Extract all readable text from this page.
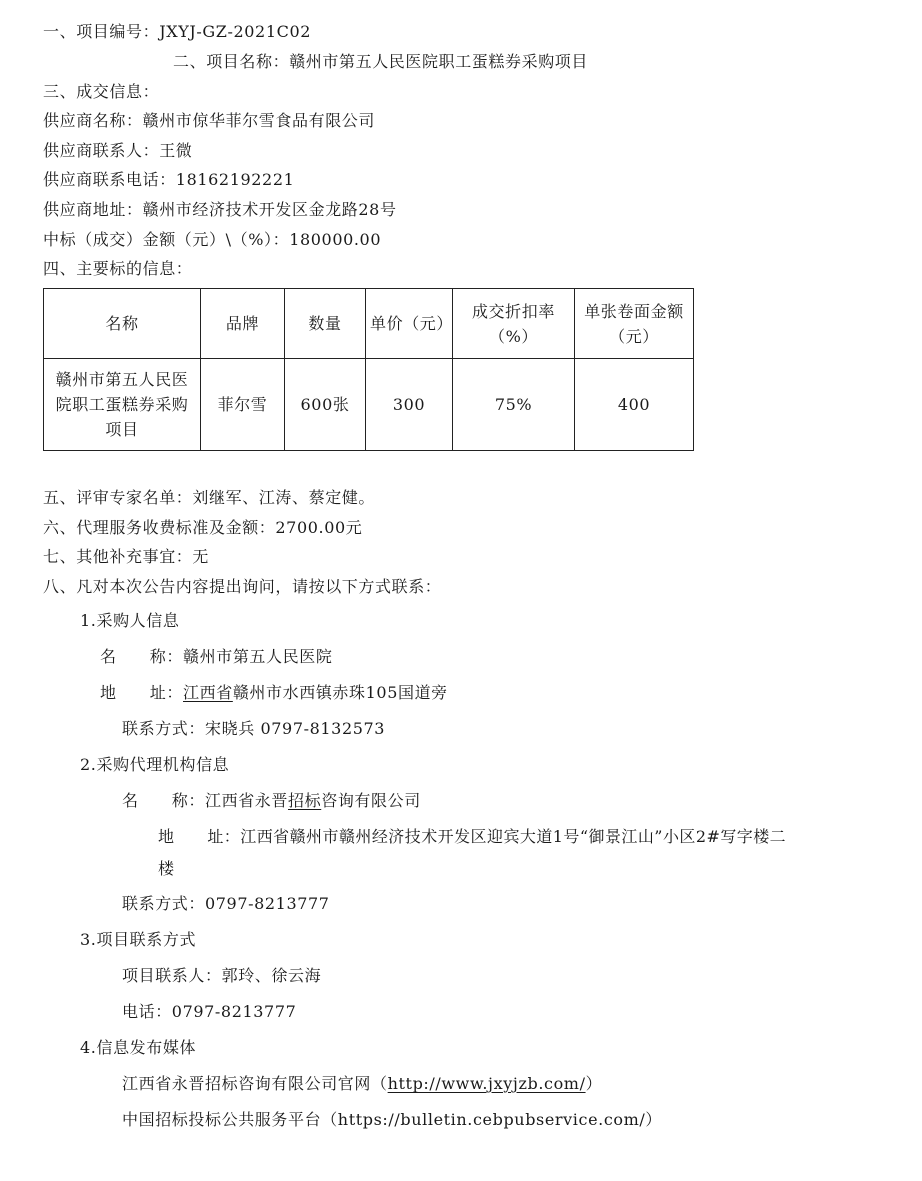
一、项目编号：JXYJ-GZ-2021C02
二、项目名称：赣州市第五人民医院职工蛋糕券采购项目
三、成交信息：
供应商名称：赣州市倞华菲尔雪食品有限公司
供应商联系人：王微
供应商联系电话：18162192221
供应商地址：赣州市经济技术开发区金龙路28号
中标（成交）金额（元）\（%）：180000.00
四、主要标的信息：
名称	品牌	数量	单价（元）	成交折扣率（%）	单张卷面金额（元）
赣州市第五人民医院职工蛋糕券采购项目	菲尔雪	600张	300	75%	400
五、评审专家名单：刘继军、江涛、蔡定健。
六、代理服务收费标准及金额：2700.00元
七、其他补充事宜：无
八、凡对本次公告内容提出询问，请按以下方式联系：
1.采购人信息
名　　称：赣州市第五人民医院
地　　址：江西省赣州市水西镇赤珠105国道旁
联系方式：宋晓兵 0797-8132573
2.采购代理机构信息
名　　称：江西省永晋招标咨询有限公司
地　　址：江西省赣州市赣州经济技术开发区迎宾大道1号“御景江山”小区2#写字楼二
楼
联系方式：0797-8213777
3.项目联系方式
项目联系人：郭玲、徐云海
电话：0797-8213777
4.信息发布媒体
江西省永晋招标咨询有限公司官网（http://www.jxyjzb.com/）
中国招标投标公共服务平台（https://bulletin.cebpubservice.com/）
